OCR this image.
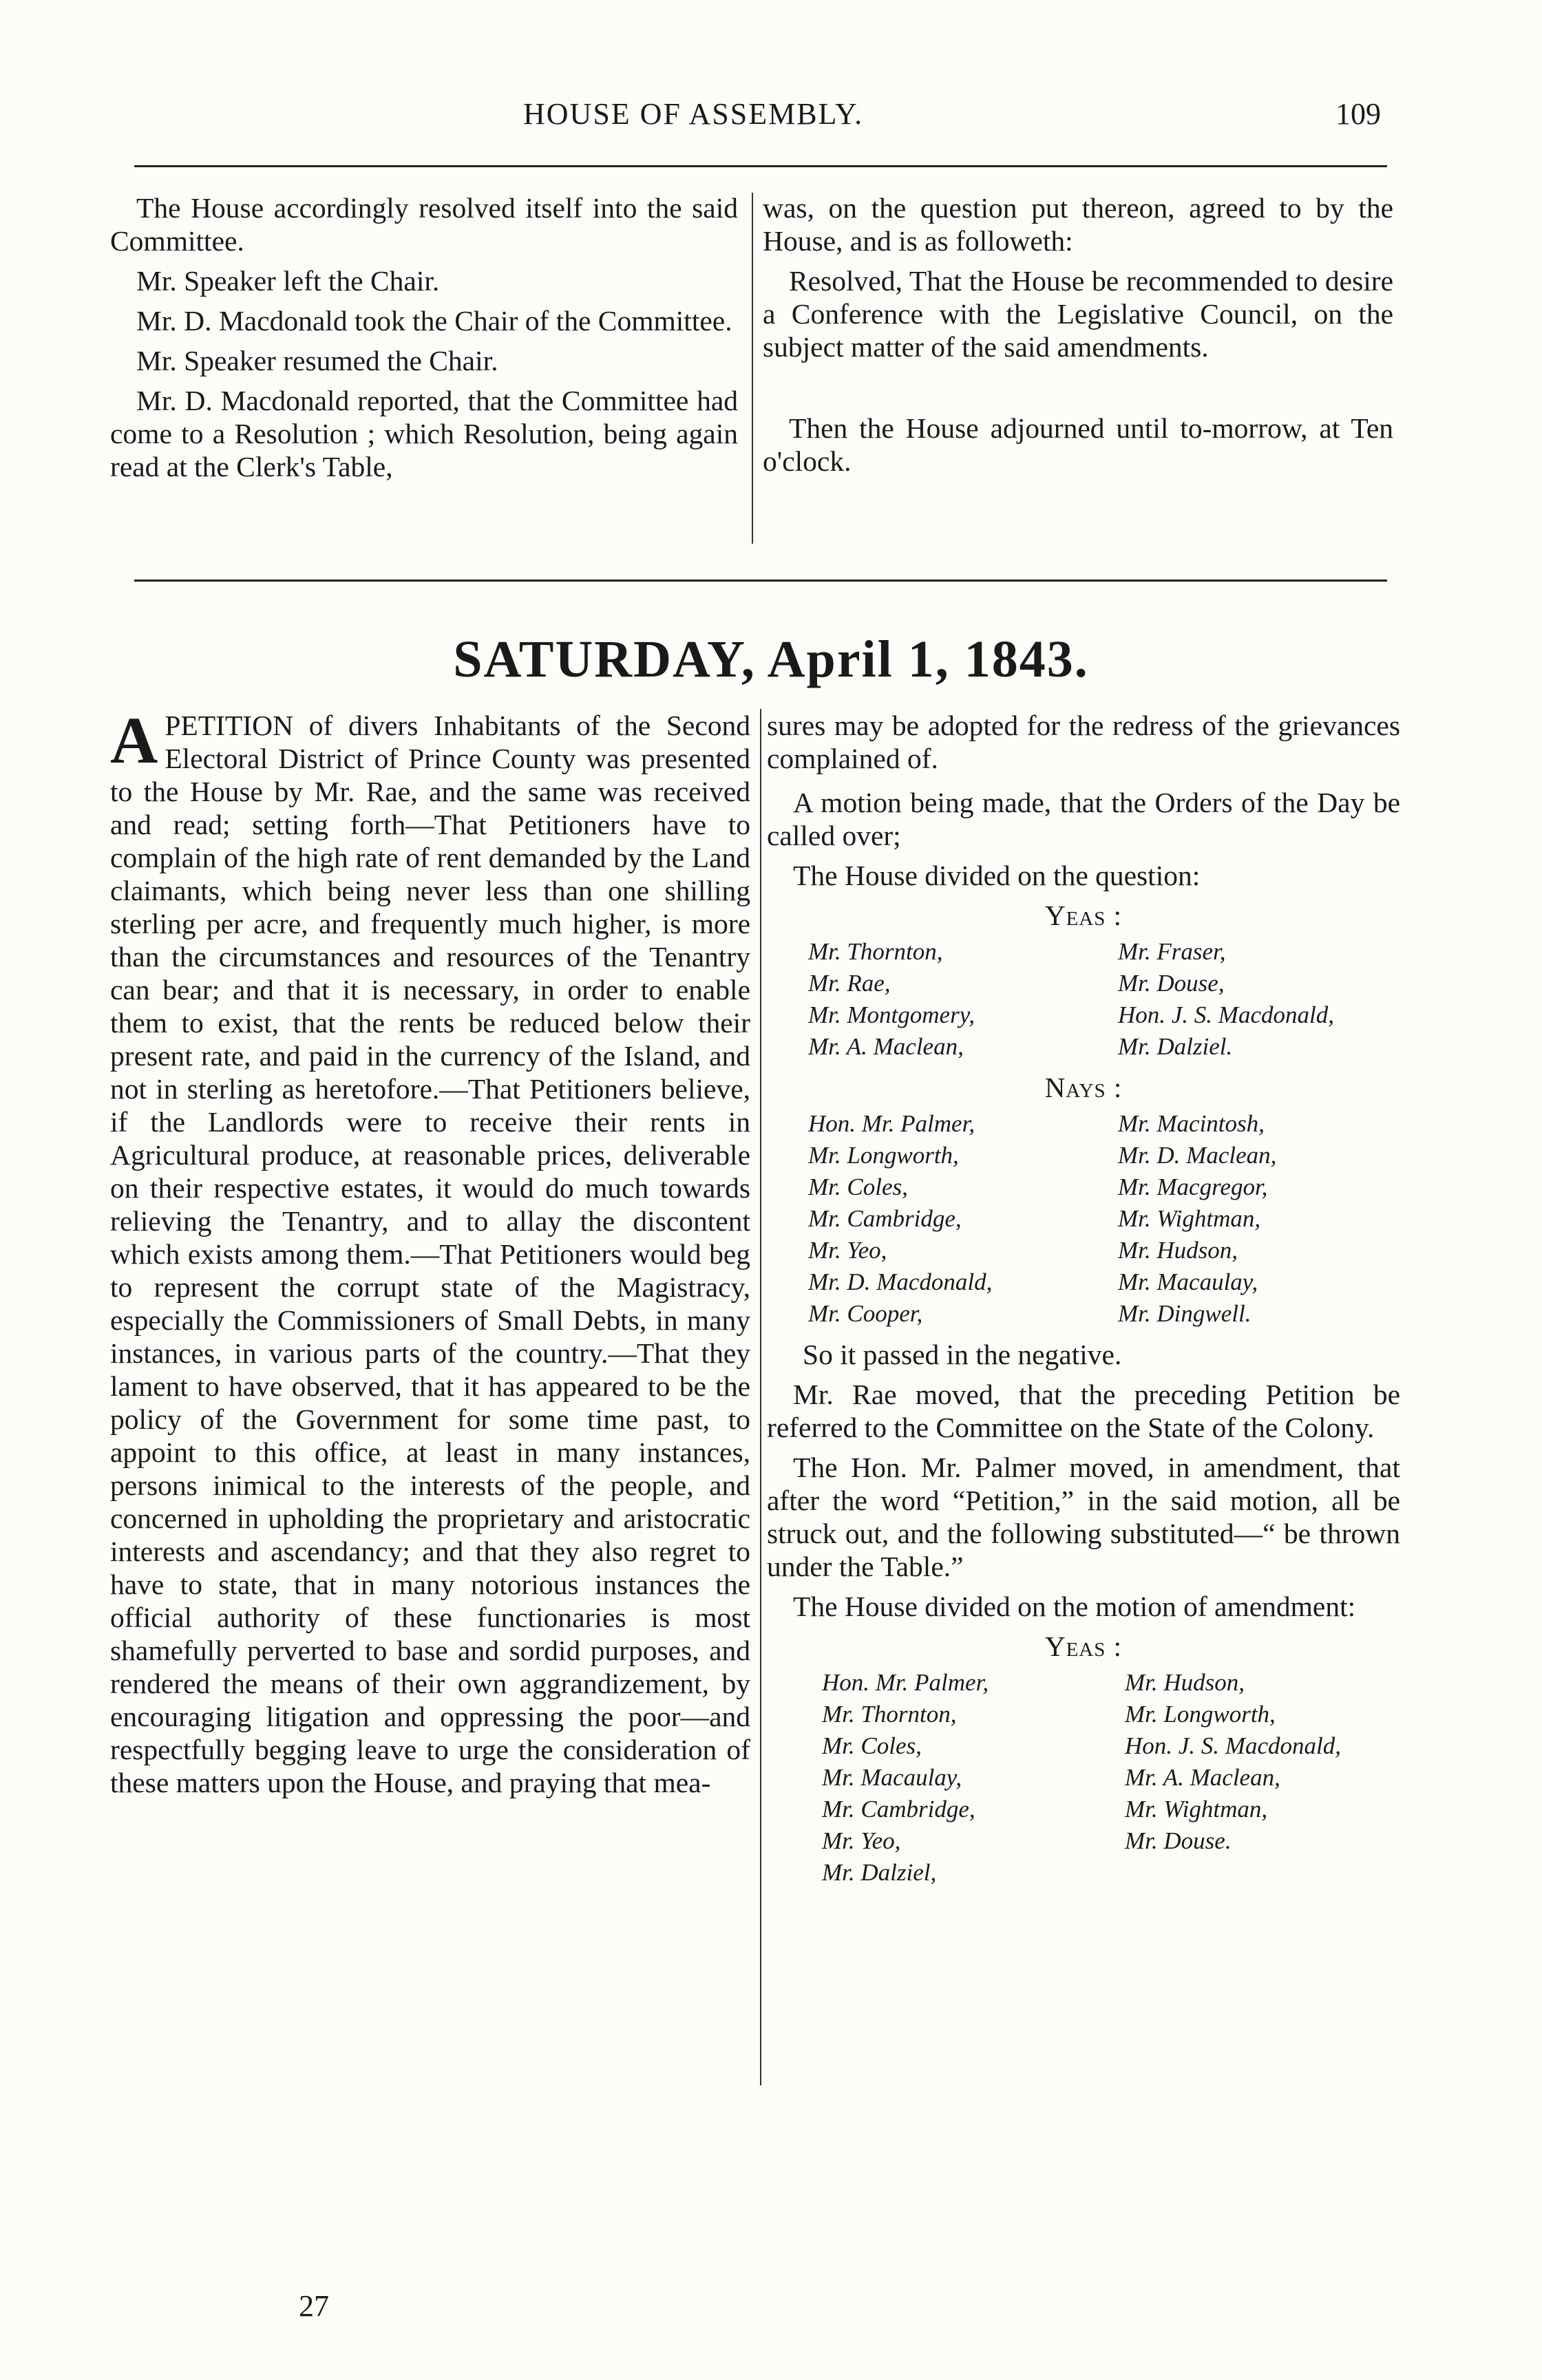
HOUSE OF ASSEMBLY.	109

The House accordingly resolved itself into the said Committee.

Mr. Speaker left the Chair.

Mr. D. Macdonald took the Chair of the Committee.

Mr. Speaker resumed the Chair.

Mr. D. Macdonald reported, that the Committee had come to a Resolution ; which Resolution, being again read at the Clerk's Table,

was, on the question put thereon, agreed to by the House, and is as followeth:

Resolved, That the House be recommended to desire a Conference with the Legislative Council, on the subject matter of the said amendments.

Then the House adjourned until to-morrow, at Ten o'clock.

SATURDAY, April 1, 1843.

A PETITION of divers Inhabitants of the Second Electoral District of Prince County was presented to the House by Mr. Rae, and the same was received and read; setting forth—That Petitioners have to complain of the high rate of rent demanded by the Land claimants, which being never less than one shilling sterling per acre, and frequently much higher, is more than the circumstances and resources of the Tenantry can bear; and that it is necessary, in order to enable them to exist, that the rents be reduced below their present rate, and paid in the currency of the Island, and not in sterling as heretofore.—That Petitioners believe, if the Landlords were to receive their rents in Agricultural produce, at reasonable prices, deliverable on their respective estates, it would do much towards relieving the Tenantry, and to allay the discontent which exists among them.—That Petitioners would beg to represent the corrupt state of the Magistracy, especially the Commissioners of Small Debts, in many instances, in various parts of the country.—That they lament to have observed, that it has appeared to be the policy of the Government for some time past, to appoint to this office, at least in many instances, persons inimical to the interests of the people, and concerned in upholding the proprietary and aristocratic interests and ascendancy; and that they also regret to have to state, that in many notorious instances the official authority of these functionaries is most shamefully perverted to base and sordid purposes, and rendered the means of their own aggrandizement, by encouraging litigation and oppressing the poor—and respectfully begging leave to urge the consideration of these matters upon the House, and praying that mea-

sures may be adopted for the redress of the grievances complained of.

A motion being made, that the Orders of the Day be called over;

The House divided on the question:

Yeas :
Mr. Thornton,	Mr. Fraser,
Mr. Rae,	Mr. Douse,
Mr. Montgomery,	Hon. J. S. Macdonald,
Mr. A. Maclean,	Mr. Dalziel.
Nays :
Hon. Mr. Palmer,	Mr. Macintosh,
Mr. Longworth,	Mr. D. Maclean,
Mr. Coles,	Mr. Macgregor,
Mr. Cambridge,	Mr. Wightman,
Mr. Yeo,	Mr. Hudson,
Mr. D. Macdonald,	Mr. Macaulay,
Mr. Cooper,	Mr. Dingwell.

So it passed in the negative.

Mr. Rae moved, that the preceding Petition be referred to the Committee on the State of the Colony.

The Hon. Mr. Palmer moved, in amendment, that after the word “Petition,” in the said motion, all be struck out, and the following substituted—“ be thrown under the Table.”

The House divided on the motion of amendment:

Yeas :
Hon. Mr. Palmer,	Mr. Hudson,
Mr. Thornton,	Mr. Longworth,
Mr. Coles,	Hon. J. S. Macdonald,
Mr. Macaulay,	Mr. A. Maclean,
Mr. Cambridge,	Mr. Wightman,
Mr. Yeo,	Mr. Douse.
Mr. Dalziel,
27
